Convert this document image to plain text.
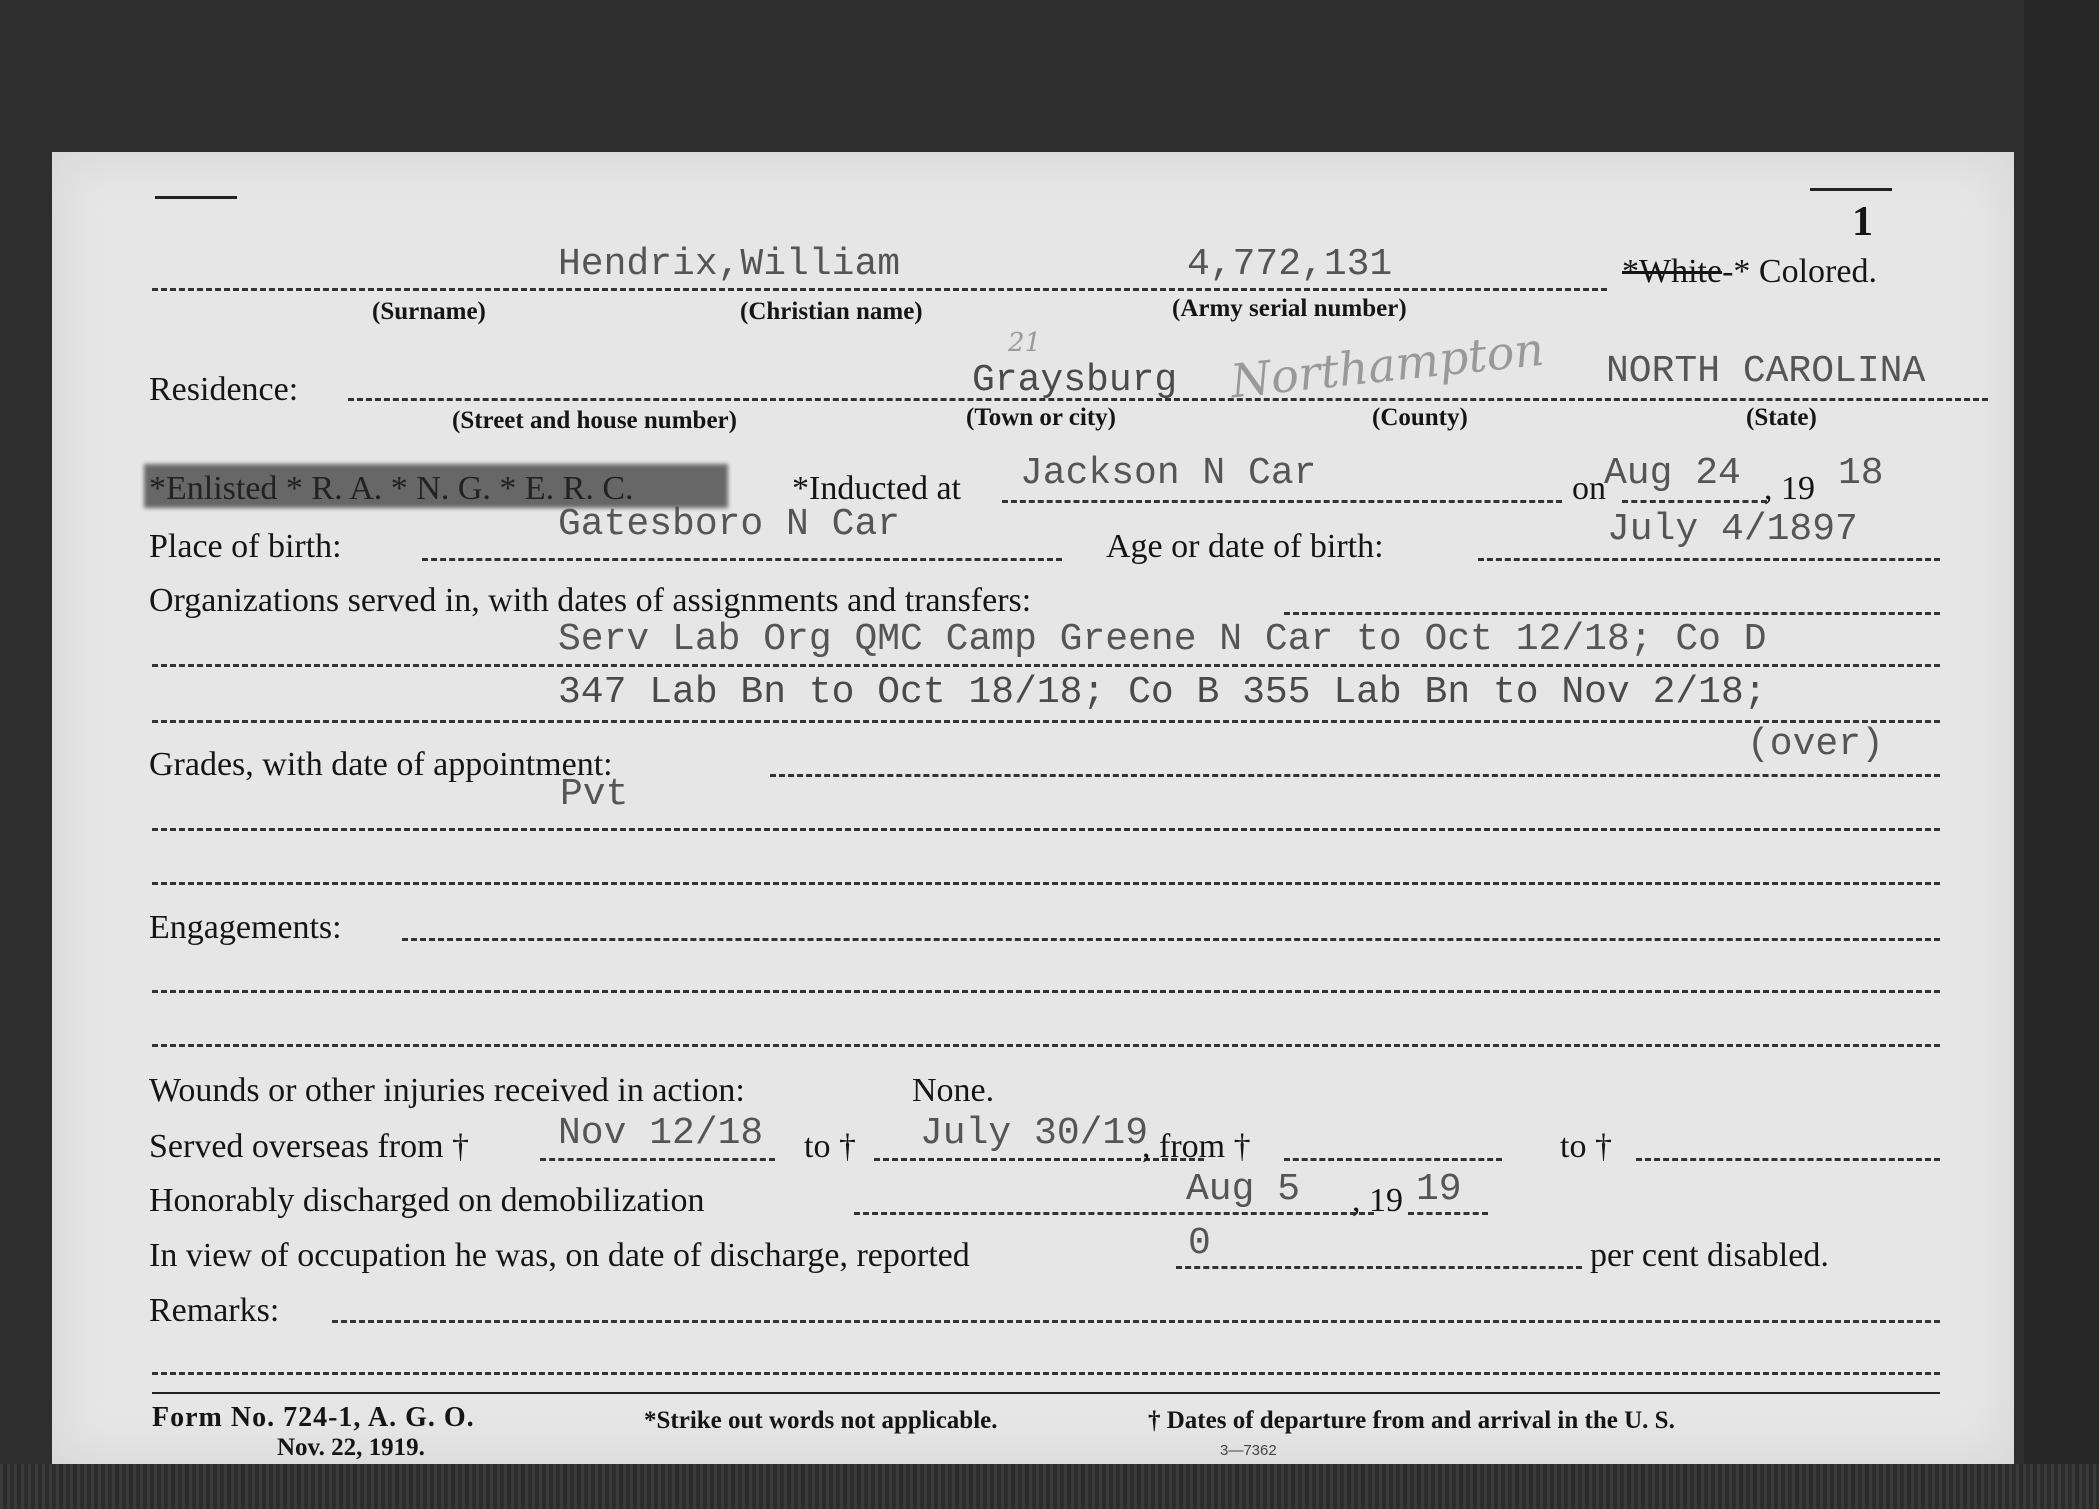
1
Hendrix,William	4,772,131	*White-* Colored.
(Surname)	(Christian name)	(Army serial number)
Residence:
21
Graysburg Northampton NORTH CAROLINA
(Street and house number)	(Town or city)	(County)	(State)
*Enlisted * R. A. * N. G. * E. R. C.	*Inducted at Jackson N Car	on
Aug 24 , 19 18
Place of birth:
Gatesboro N Car
Age or date of birth:	July 4/1897
Organizations served in, with dates of assignments and transfers:
Serv Lab Org QMC Camp Greene N Car to Oct 12/18; Co D
347 Lab Bn to Oct 18/18; Co B 355 Lab Bn to Nov 2/18;
(over)
Grades, with date of appointment:
Pvt
Engagements:
Wounds or other injuries received in action:	None.
Served overseas from † Nov 12/18 to † July 30/19
, from †	to †
Honorably discharged on demobilization	Aug 5 , 19 19
In view of occupation he was, on date of discharge, reported	0	per cent disabled.
Remarks:
Form No. 724-1, A. G. O.
Nov. 22, 1919.
*Strike out words not applicable.	† Dates of departure from and arrival in the U. S.
3—7362
